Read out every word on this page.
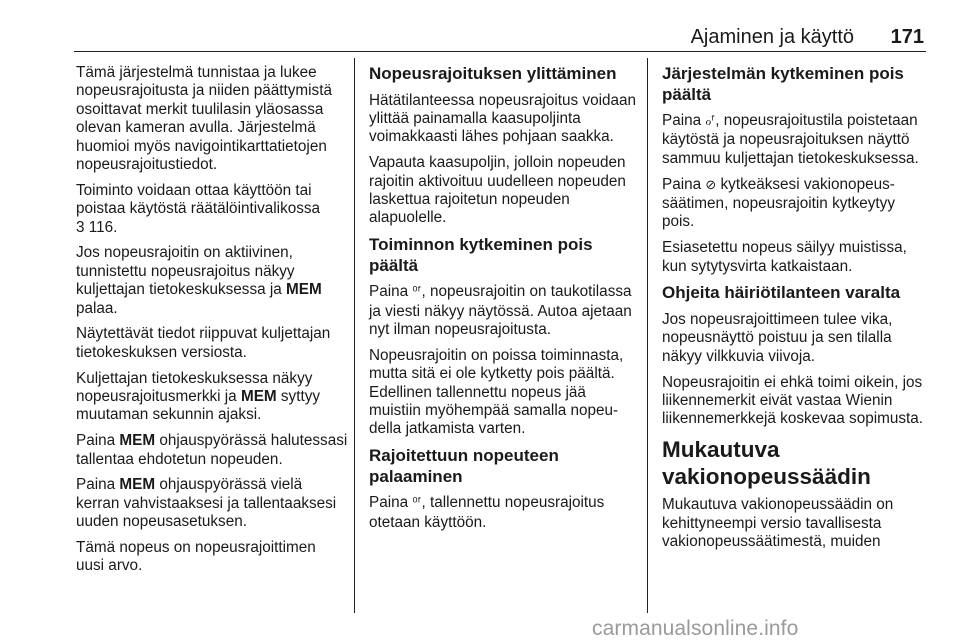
Ajaminen ja käyttö 171

Tämä järjestelmä tunnistaa ja lukee nopeusrajoitusta ja niiden päättymistä osoittavat merkit tuulilasin yläosassa olevan kameran avulla. Järjestelmä huomioi myös navigointikarttatietojen nopeusrajoitustiedot.

Toiminto voidaan ottaa käyttöön tai poistaa käytöstä räätälöintivalikossa
3 116.

Jos nopeusrajoitin on aktiivinen, tunnistettu nopeusrajoitus näkyy kuljettajan tietokeskuksessa ja MEM palaa.

Näytettävät tiedot riippuvat kuljettajan tietokeskuksen versiosta.

Kuljettajan tietokeskuksessa näkyy nopeusrajoitusmerkki ja MEM syttyy muutaman sekunnin ajaksi.

Paina MEM ohjauspyörässä halutessasi tallentaa ehdotetun nopeuden.

Paina MEM ohjauspyörässä vielä kerran vahvistaaksesi ja tallentaaksesi uuden nopeusasetuksen.

Tämä nopeus on nopeusrajoittimen uusi arvo.

Nopeusrajoituksen ylittäminen

Hätätilanteessa nopeusrajoitus voidaan ylittää painamalla kaasupoljinta voimakkaasti lähes pohjaan saakka.

Vapauta kaasupoljin, jolloin nopeuden rajoitin aktivoituu uudelleen nopeuden laskettua rajoitetun nopeuden alapuolelle.

Toiminnon kytkeminen pois päältä

Paina ⁰ᶠ, nopeusrajoitin on taukotilassa ja viesti näkyy näytössä. Autoa ajetaan nyt ilman nopeusrajoitusta.

Nopeusrajoitin on poissa toiminnasta, mutta sitä ei ole kytketty pois päältä. Edellinen tallennettu nopeus jää muistiin myöhempää samalla nopeudella jatkamista varten.

Rajoitettuun nopeuteen palaaminen

Paina ⁰ᶠ, tallennettu nopeusrajoitus otetaan käyttöön.

Järjestelmän kytkeminen pois päältä

Paina ℴᶠ, nopeusrajoitustila poistetaan käytöstä ja nopeusrajoituksen näyttö sammuu kuljettajan tietokeskuksessa.

Paina ⊘ kytkeäksesi vakionopeussäätimen, nopeusrajoitin kytkeytyy pois.

Esiasetettu nopeus säilyy muistissa, kun sytytysvirta katkaistaan.

Ohjeita häiriötilanteen varalta

Jos nopeusrajoittimeen tulee vika, nopeusnäyttö poistuu ja sen tilalla näkyy vilkkuvia viivoja.

Nopeusrajoitin ei ehkä toimi oikein, jos liikennemerkit eivät vastaa Wienin liikennemerkkejä koskevaa sopimusta.

Mukautuva vakionopeussäädin

Mukautuva vakionopeussäädin on kehittyneempi versio tavallisesta vakionopeussäätimestä, muiden

carmanualsonline.info
